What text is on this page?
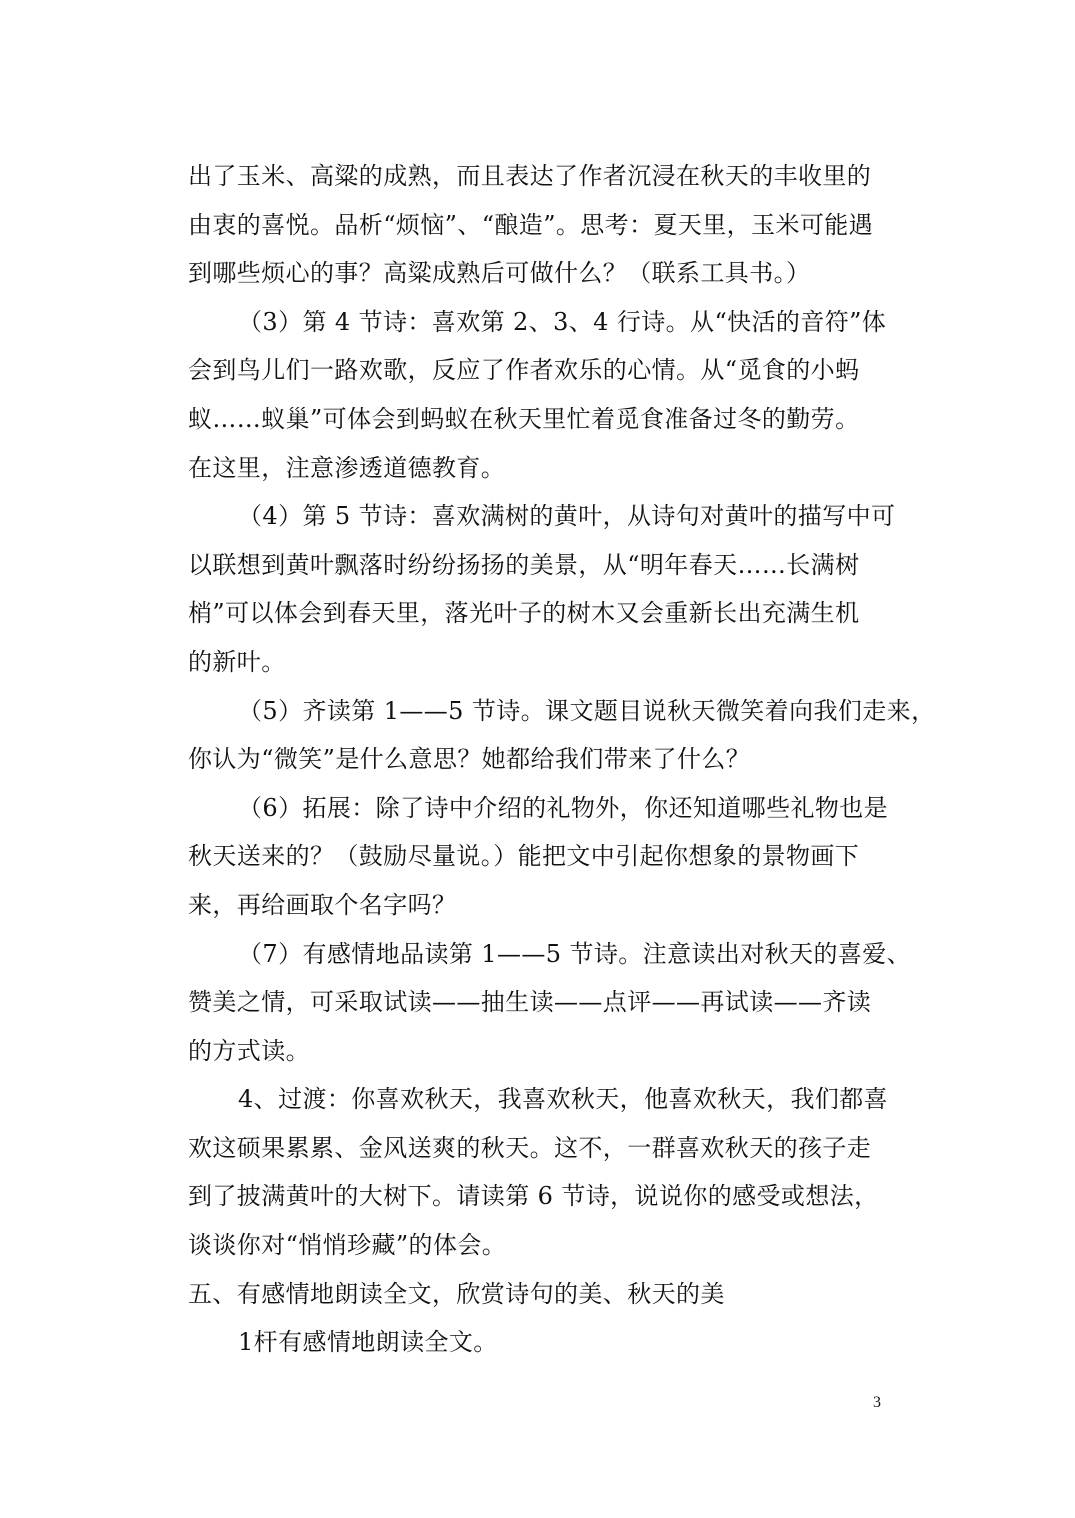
出了玉米、高粱的成熟，而且表达了作者沉浸在秋天的丰收里的
由衷的喜悦。品析“烦恼”、“酿造”。思考：夏天里，玉米可能遇
到哪些烦心的事？高粱成熟后可做什么？（联系工具书。）
（3）第 4 节诗：喜欢第 2、3、4 行诗。从“快活的音符”体
会到鸟儿们一路欢歌，反应了作者欢乐的心情。从“觅食的小蚂
蚁……蚁巢”可体会到蚂蚁在秋天里忙着觅食准备过冬的勤劳。
在这里，注意渗透道德教育。
（4）第 5 节诗：喜欢满树的黄叶，从诗句对黄叶的描写中可
以联想到黄叶飘落时纷纷扬扬的美景，从“明年春天……长满树
梢”可以体会到春天里，落光叶子的树木又会重新长出充满生机
的新叶。
（5）齐读第 1——5 节诗。课文题目说秋天微笑着向我们走来，
你认为“微笑”是什么意思？她都给我们带来了什么？
（6）拓展：除了诗中介绍的礼物外，你还知道哪些礼物也是
秋天送来的？（鼓励尽量说。）能把文中引起你想象的景物画下
来，再给画取个名字吗？
（7）有感情地品读第 1——5 节诗。注意读出对秋天的喜爱、
赞美之情，可采取试读——抽生读——点评——再试读——齐读
的方式读。
4、过渡：你喜欢秋天，我喜欢秋天，他喜欢秋天，我们都喜
欢这硕果累累、金风送爽的秋天。这不，一群喜欢秋天的孩子走
到了披满黄叶的大树下。请读第 6 节诗，说说你的感受或想法，
谈谈你对“悄悄珍藏”的体会。
五、有感情地朗读全文，欣赏诗句的美、秋天的美
1杆有感情地朗读全文。
3
